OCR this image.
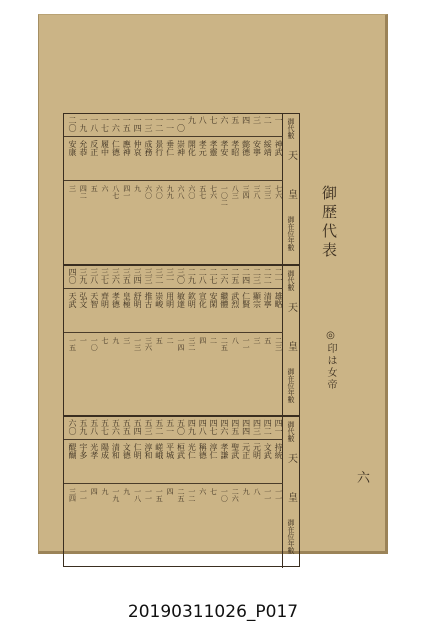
御代數
天
皇
御在位年數
一
神武
七六
二
綏靖
三三
三
安寧
三八
四
懿德
三四
五
孝昭
八三
六
孝安
一〇二
七
孝靈
七六
八
孝元
五七
九
開化
六〇
一〇
崇神
六八
一一
垂仁
九九
一二
景行
六〇
一三
成務
六〇
一四
仲哀
九
一五
應神
四一
一六
仁德
八七
一七
履中
六
一八
反正
五
一九
允恭
四二
二〇
安康
三
御代數
天
皇
御在位年數
二一
雄略
二三
二二
清寧
五
二三
顯宗
三
二四
仁賢
一一
二五
武烈
八
二六
繼體
二五
二七
安閑
二
二八
宣化
四
二九
欽明
三二
三〇
敏達
一四
三一
用明
二
三二
崇峻
五
三三
推古
三六
三四
舒明
一三
三五
皇極
三
三六
孝德
九
三七
齊明
七
三八
天智
一〇
三九
弘文
一
四〇
天武
一五
御代數
天
皇
御在位年數
四一
持統
一一
四二
文武
一一
四三
元明
八
四四
元正
九
四五
聖武
二六
四六
孝謙
一〇
四七
淳仁
七
四八
稱德
六
四九
光仁
一二
五〇
桓武
二五
五一
平城
四
五二
嵯峨
一五
五三
淳和
一一
五四
仁明
一八
五五
文德
九
五六
清和
一九
五七
陽成
九
五八
光孝
四
五九
宇多
一一
六〇
醍醐
三四
御歴代表
◎印は女帝
六
20190311026_P017
